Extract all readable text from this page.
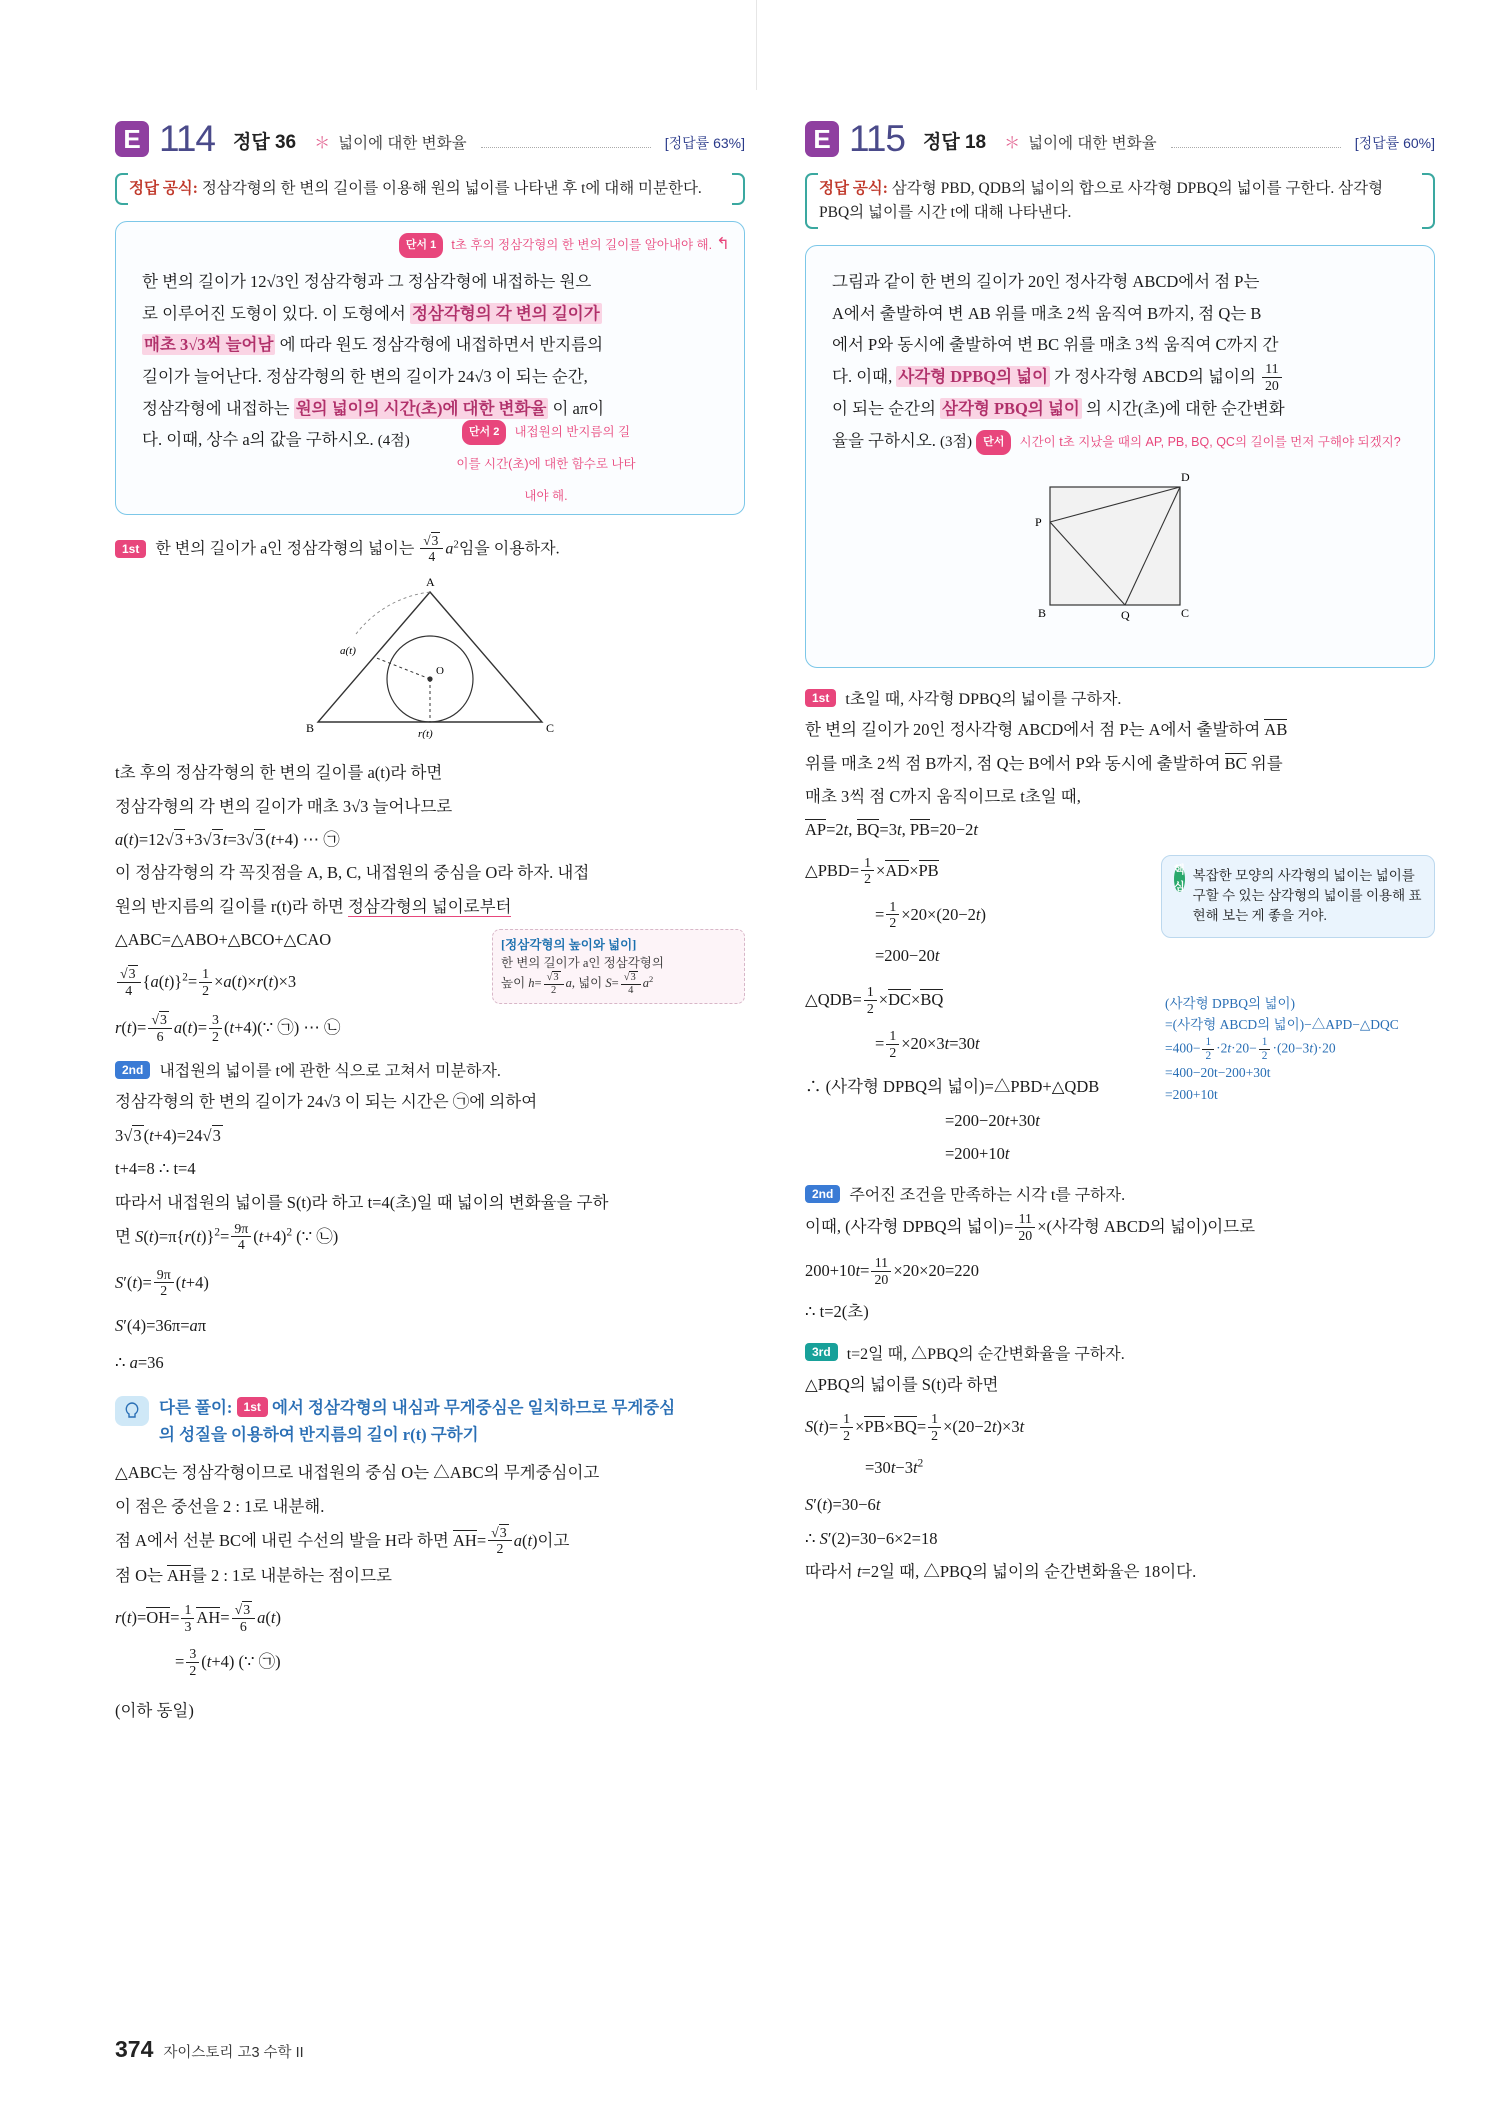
E 114 정답 36 ＊ 넓이에 대한 변화율	[정답률 63%]
정답 공식: 정삼각형의 한 변의 길이를 이용해 원의 넓이를 나타낸 후 t에 대해 미분한다.
단서 1 t초 후의 정삼각형의 한 변의 길이를 알아내야 해. ↰
한 변의 길이가 12√3인 정삼각형과 그 정삼각형에 내접하는 원으
로 이루어진 도형이 있다. 이 도형에서 정삼각형의 각 변의 길이가
매초 3√3씩 늘어남 에 따라 원도 정삼각형에 내접하면서 반지름의
길이가 늘어난다. 정삼각형의 한 변의 길이가 24√3 이 되는 순간,
정삼각형에 내접하는 원의 넓이의 시간(초)에 대한 변화율 이 aπ이
다. 이때, 상수 a의 값을 구하시오. (4점)
단서 2 내접원의 반지름의 길이를 시간(초)에 대한 함수로 나타내야 해.
1st	한 변의 길이가 a인 정삼각형의 넓이는 $\frac{√3}{4} a^2$임을 이용하자.
A
B	C
O
a(t)
r(t)

t초 후의 정삼각형의 한 변의 길이를 a(t)라 하면

정삼각형의 각 변의 길이가 매초 3√3 늘어나므로

a(t)=12√3 +3√3 t=3√3 (t+4) ⋯ ㉠

이 정삼각형의 각 꼭짓점을 A, B, C, 내접원의 중심을 O라 하자. 내접

원의 반지름의 길이를 r(t)라 하면 정삼각형의 넓이로부터

[정삼각형의 높이와 넓이]
한 변의 길이가 a인 정삼각형의
높이 $h= \frac{√3}{2} a$, 넓이 $S= \frac{√3}{4} a^2$

△ABC=△ABO+△BCO+△CAO

$\frac{√3}{4} \{a(t)\}^2= \frac{1}{2} \times a(t)\times r(t)\times 3$

$r(t)= \frac{√3}{6} a(t)= \frac{3}{2}$ (t+4)(∵ ㉠) ⋯ ㉡

2nd	내접원의 넓이를 t에 관한 식으로 고쳐서 미분하자.

정삼각형의 한 변의 길이가 24√3 이 되는 시간은 ㉠에 의하여

3√3 (t+4)=24√3

t+4=8 ∴ t=4

따라서 내접원의 넓이를 S(t)라 하고 t=4(초)일 때 넓이의 변화율을 구하

면 $S(t)=\pi\{r(t)\}^2= \frac{9\pi}{4} (t+4)^2$ (∵ ㉡)

$S'(t)= \frac{9\pi}{2} (t+4)$

S′(4)=36π=aπ

∴ a=36

다른 풀이: 1st 에서 정삼각형의 내심과 무게중심은 일치하므로 무게중심
의 성질을 이용하여 반지름의 길이 r(t) 구하기

△ABC는 정삼각형이므로 내접원의 중심 O는 △ABC의 무게중심이고

이 점은 중선을 2 : 1로 내분해.

점 A에서 선분 BC에 내린 수선의 발을 H라 하면 $AH= \frac{√3}{2} a(t)$이고

점 O는 AH를 2 : 1로 내분하는 점이므로

$r(t)=OH= \frac{1}{3} AH= \frac{√3}{6} a(t)$

= $\frac{3}{2} (t+4)$ (∵ ㉠)

(이하 동일)

E 115 정답 18 ＊ 넓이에 대한 변화율	[정답률 60%]
정답 공식: 삼각형 PBD, QDB의 넓이의 합으로 사각형 DPBQ의 넓이를 구한다. 삼각형 PBQ의 넓이를 시간 t에 대해 나타낸다.
그림과 같이 한 변의 길이가 20인 정사각형 ABCD에서 점 P는
A에서 출발하여 변 AB 위를 매초 2씩 움직여 B까지, 점 Q는 B
에서 P와 동시에 출발하여 변 BC 위를 매초 3씩 움직여 C까지 간
다. 이때, 사각형 DPBQ의 넓이 가 정사각형 ABCD의 넓이의 $\frac{11}{20}$

이 되는 순간의 삼각형 PBQ의 넓이 의 시간(초)에 대한 순간변화
율을 구하시오. (3점) 단서 시간이 t초 지났을 때의 AP, PB, BQ, QC의 길이를 먼저 구해야 되겠지?
D
P
B	C
Q
1st	t초일 때, 사각형 DPBQ의 넓이를 구하자.

한 변의 길이가 20인 정사각형 ABCD에서 점 P는 A에서 출발하여 AB

위를 매초 2씩 점 B까지, 점 Q는 B에서 P와 동시에 출발하여 BC 위를

매초 3씩 점 C까지 움직이므로 t초일 때,

AP=2t, BQ=3t, PB=20−2t

핵심
복잡한 모양의 사각형의 넓이는 넓이를 구할 수 있는 삼각형의 넓이를 이용해 표현해 보는 게 좋을 거야.

△PBD= $\frac{1}{2} \times AD\times PB$

= $\frac{1}{2} \times 20\times(20-2t)$

=200−20t

(사각형 DPBQ의 넓이)
=(사각형 ABCD의 넓이)−△APD−△DQC
$=400- \frac{1}{2} \cdot 2t\cdot 20- \frac{1}{2} \cdot(20-3t)\cdot 20$
=400−20t−200+30t
=200+10t

△QDB= $\frac{1}{2} \times DC\times BQ$

= $\frac{1}{2} \times 20\times 3t=30t$

∴ (사각형 DPBQ의 넓이)=△PBD+△QDB

=200−20t+30t

=200+10t

2nd	주어진 조건을 만족하는 시각 t를 구하자.

이때, (사각형 DPBQ의 넓이)= $\frac{11}{20}$ ×(사각형 ABCD의 넓이)이므로

$200+10t= \frac{11}{20} \times 20\times 20=220$

∴ t=2(초)

3rd	t=2일 때, △PBQ의 순간변화율을 구하자.

△PBQ의 넓이를 S(t)라 하면

$S(t)= \frac{1}{2} \times PB\times BQ= \frac{1}{2} \times(20-2t)\times 3t$

$=30t-3t^2$

S′(t)=30−6t

∴ S′(2)=30−6×2=18

따라서 t=2일 때, △PBQ의 넓이의 순간변화율은 18이다.

374 자이스토리 고3 수학 II
